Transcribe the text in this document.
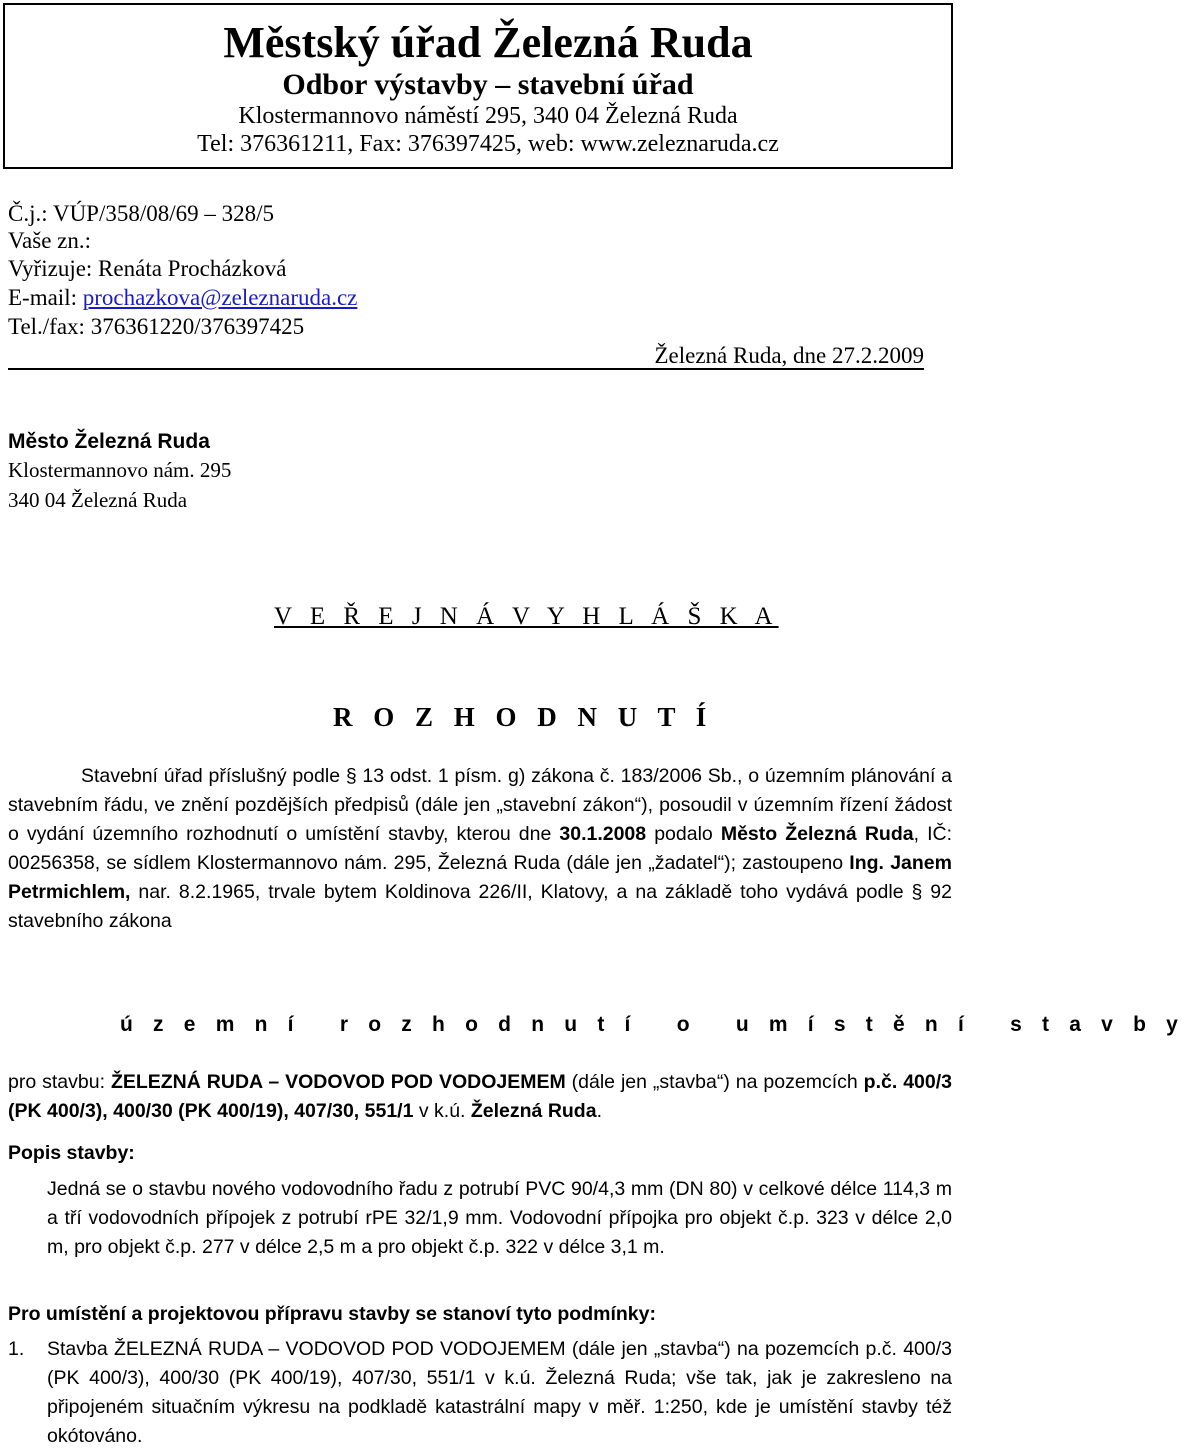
Městský úřad Železná Ruda
Odbor výstavby – stavební úřad
Klostermannovo náměstí 295, 340 04 Železná Ruda
Tel: 376361211, Fax: 376397425, web: www.zeleznaruda.cz
Č.j.: VÚP/358/08/69 – 328/5
Vaše zn.:
Vyřizuje: Renáta Procházková
E-mail: prochazkova@zeleznaruda.cz
Tel./fax: 376361220/376397425
Železná Ruda, dne 27.2.2009
Město Železná Ruda
Klostermannovo nám. 295
340 04 Železná Ruda
V E Ř E J N Á V Y H L Á Š K A
R O Z H O D N U T Í
Stavební úřad příslušný podle § 13 odst. 1 písm. g) zákona č. 183/2006 Sb., o územním plánování a stavebním řádu, ve znění pozdějších předpisů (dále jen „stavební zákon“), posoudil v územním řízení žádost o vydání územního rozhodnutí o umístění stavby, kterou dne 30.1.2008 podalo Město Železná Ruda, IČ: 00256358, se sídlem Klostermannovo nám. 295, Železná Ruda (dále jen „žadatel“); zastoupeno Ing. Janem Petrmichlem, nar. 8.2.1965, trvale bytem Koldinova 226/II, Klatovy, a na základě toho vydává podle § 92 stavebního zákona
ú z e m n í   r o z h o d n u t í   o   u m í s t ě n í   s t a v b y
pro stavbu: ŽELEZNÁ RUDA – VODOVOD POD VODOJEMEM (dále jen „stavba“) na pozemcích p.č. 400/3 (PK 400/3), 400/30 (PK 400/19), 407/30, 551/1 v k.ú. Železná Ruda.
Popis stavby:
Jedná se o stavbu nového vodovodního řadu z potrubí PVC 90/4,3 mm (DN 80) v celkové délce 114,3 m a tří vodovodních přípojek z potrubí rPE 32/1,9 mm. Vodovodní přípojka pro objekt č.p. 323 v délce 2,0 m, pro objekt č.p. 277 v délce 2,5 m a pro objekt č.p. 322 v délce 3,1 m.
Pro umístění a projektovou přípravu stavby se stanoví tyto podmínky:
1.	Stavba ŽELEZNÁ RUDA – VODOVOD POD VODOJEMEM (dále jen „stavba“) na pozemcích p.č. 400/3 (PK 400/3), 400/30 (PK 400/19), 407/30, 551/1 v k.ú. Železná Ruda; vše tak, jak je zakresleno na připojeném situačním výkresu na podkladě katastrální mapy v měř. 1:250, kde je umístění stavby též okótováno.
